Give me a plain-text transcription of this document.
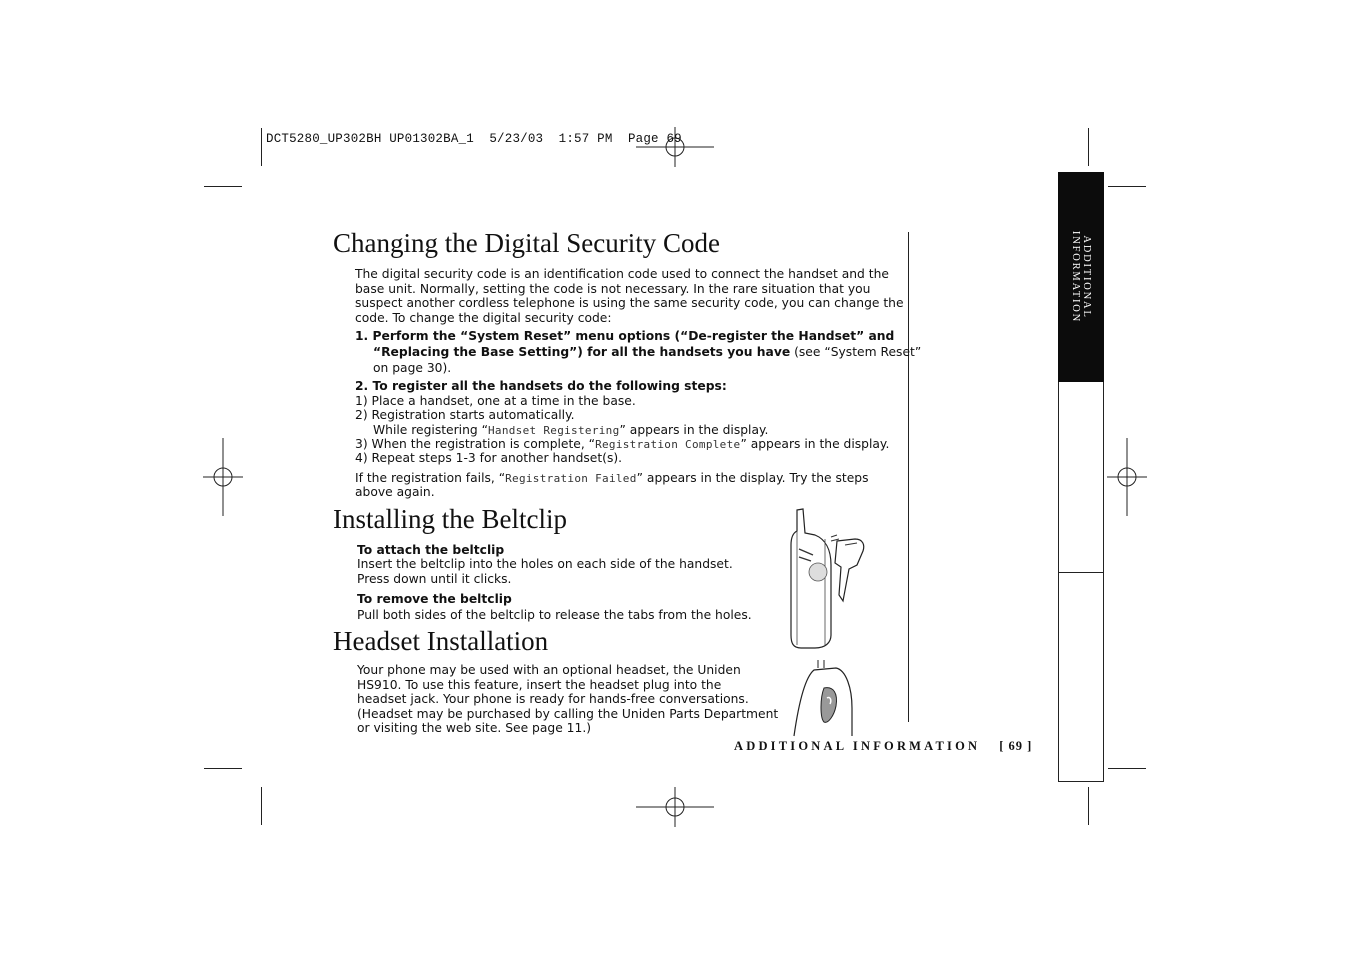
DCT5280_UP302BH UP01302BA_1  5/23/03  1:57 PM  Page 69
ADDITIONAL
INFORMATION
Changing the Digital Security Code
The digital security code is an identification code used to connect the handset and the
base unit. Normally, setting the code is not necessary. In the rare situation that you
suspect another cordless telephone is using the same security code, you can change the
code. To change the digital security code:
1. Perform the “System Reset” menu options (“De-register the Handset” and
“Replacing the Base Setting”) for all the handsets you have (see “System Reset”
on page 30).
2. To register all the handsets do the following steps:
1) Place a handset, one at a time in the base.
2) Registration starts automatically.
While registering “Handset Registering” appears in the display.
3) When the registration is complete, “Registration Complete” appears in the display.
4) Repeat steps 1-3 for another handset(s).
If the registration fails, “Registration Failed” appears in the display. Try the steps
above again.
Installing the Beltclip
To attach the beltclip
Insert the beltclip into the holes on each side of the handset.
Press down until it clicks.
To remove the beltclip
Pull both sides of the beltclip to release the tabs from the holes.
Headset Installation
Your phone may be used with an optional headset, the Uniden
HS910. To use this feature, insert the headset plug into the
headset jack. Your phone is ready for hands-free conversations.
(Headset may be purchased by calling the Uniden Parts Department
or visiting the web site. See page 11.)
ADDITIONAL INFORMATION [ 69 ]
